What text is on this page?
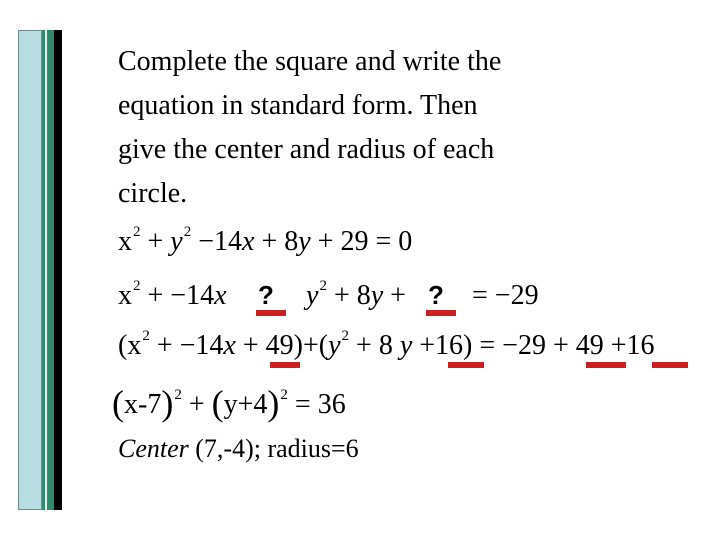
Complete the square and write the
equation in standard form. Then
give the center and radius of each
circle.
$x^2 + y^2 -14x + 8y + 29 = 0$
$x^2 + -14x$	$y^2 + 8y$ + = −29
?	?
$(x^2 + -14x + 49)+(y^2 + 8$ y +16) = −29 + 49 +16
$(x-7)^2 + (y+4)^2 = 36$
Center (7,-4); radius=6
